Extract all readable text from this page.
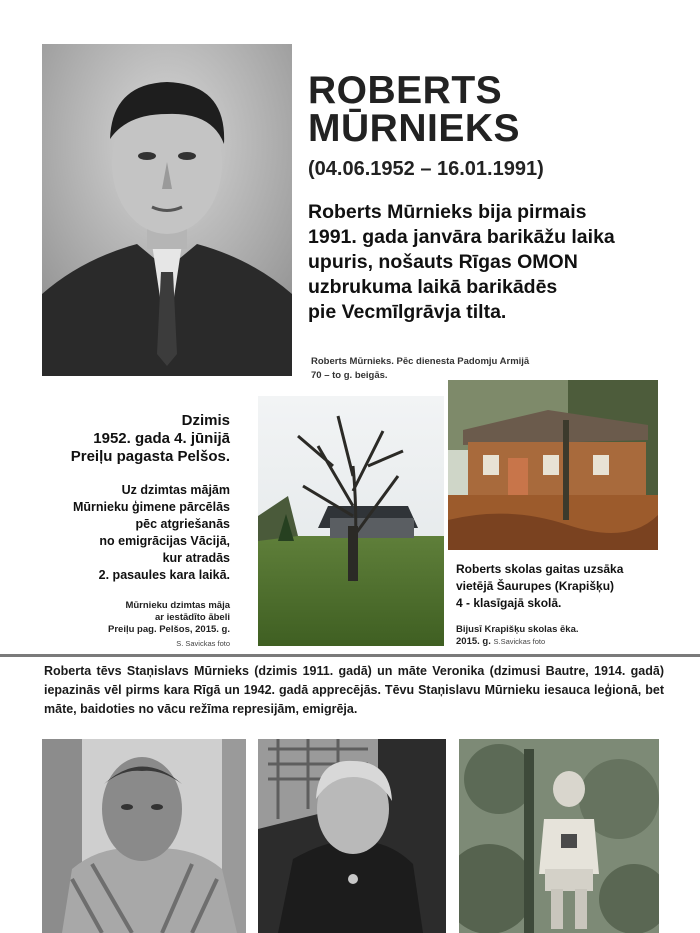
ROBERTS
MŪRNIEKS
(04.06.1952 – 16.01.1991)
Roberts Mūrnieks bija pirmais
1991. gada janvāra barikāžu laika
upuris, nošauts Rīgas OMON
uzbrukuma laikā barikādēs
pie Vecmīlgrāvja tilta.
Roberts Mūrnieks. Pēc dienesta Padomju Armijā
70 – to g. beigās.
Dzimis
1952. gada 4. jūnijā
Preiļu pagasta Pelšos.
Uz dzimtas mājām
Mūrnieku ģimene pārcēlās
pēc atgriešanās
no emigrācijas Vācijā,
kur atradās
2. pasaules kara laikā.
Mūrnieku dzimtas māja
ar iestādīto ābeli
Preiļu pag. Pelšos, 2015. g.
S. Savickas foto
Roberts skolas gaitas uzsāka
vietējā Šaurupes (Krapišķu)
4 - klasīgajā skolā.
Bijusī Krapišķu skolas ēka.
2015. g. S.Savickas foto
Roberta tēvs Staņislavs Mūrnieks (dzimis 1911. gadā) un māte Veronika (dzimusi Bautre, 1914. gadā) iepazinās vēl pirms kara Rīgā un 1942. gadā apprecējās. Tēvu Staņislavu Mūrnieku iesauca leģionā, bet māte, baidoties no vācu režīma represijām, emigrēja.
